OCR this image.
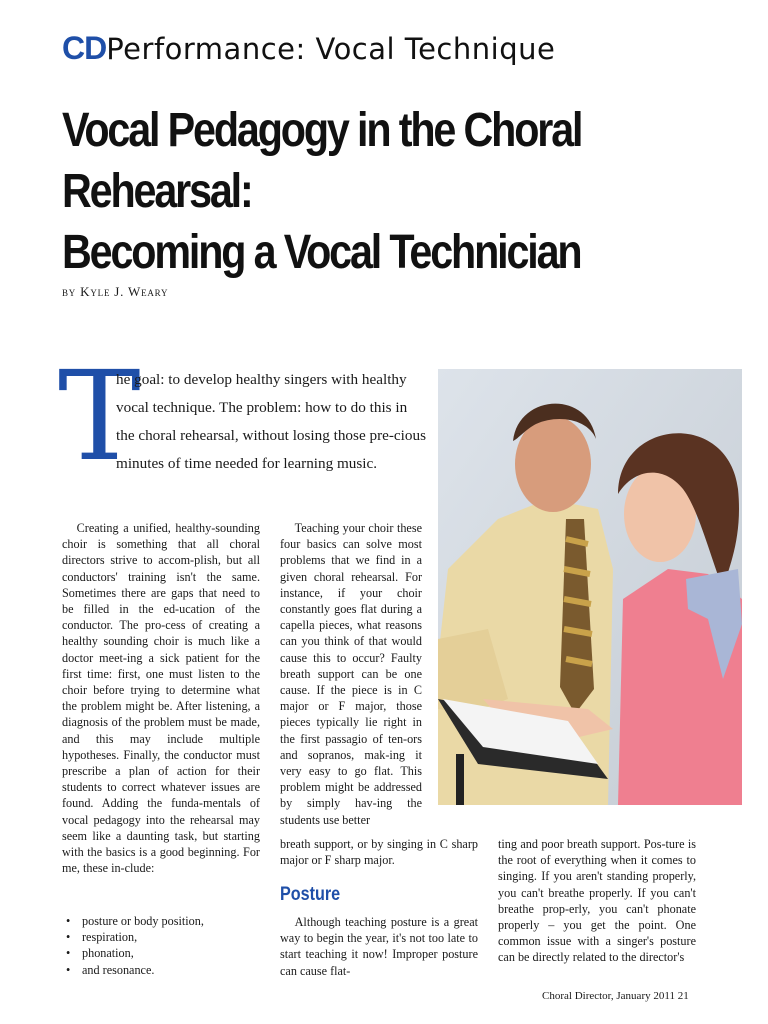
CDPerformance: Vocal Technique
Vocal Pedagogy in the Choral Rehearsal:
Becoming a Vocal Technician
by Kyle J. Weary
T
he goal: to develop healthy singers with healthy vocal technique. The problem: how to do this in the choral rehearsal, without losing those pre-cious minutes of time needed for learning music.

Creating a unified, healthy-sounding choir is something that all choral directors strive to accom-plish, but all conductors' training isn't the same. Sometimes there are gaps that need to be filled in the ed-ucation of the conductor. The pro-cess of creating a healthy sounding choir is much like a doctor meet-ing a sick patient for the first time: first, one must listen to the choir before trying to determine what the problem might be. After listening, a diagnosis of the problem must be made, and this may include multiple hypotheses. Finally, the conductor must prescribe a plan of action for their students to correct whatever issues are found. Adding the funda-mentals of vocal pedagogy into the rehearsal may seem like a daunting task, but starting with the basics is a good beginning. For me, these in-clude:

• posture or body position,
• respiration,
• phonation,
• and resonance.

Teaching your choir these four basics can solve most problems that we find in a given choral rehearsal. For instance, if your choir constantly goes flat during a capella pieces, what reasons can you think of that would cause this to occur? Faulty breath support can be one cause. If the piece is in C major or F major, those pieces typically lie right in the first passagio of ten-ors and sopranos, mak-ing it very easy to go flat. This problem might be addressed by simply hav-ing the students use better

breath support, or by singing in C sharp major or F sharp major.

Posture

Although teaching posture is a great way to begin the year, it's not too late to start teaching it now! Improper posture can cause flat-

ting and poor breath support. Pos-ture is the root of everything when it comes to singing. If you aren't standing properly, you can't breathe properly. If you can't breathe prop-erly, you can't phonate properly – you get the point. One common issue with a singer's posture can be directly related to the director's

Choral Director, January 2011 21
